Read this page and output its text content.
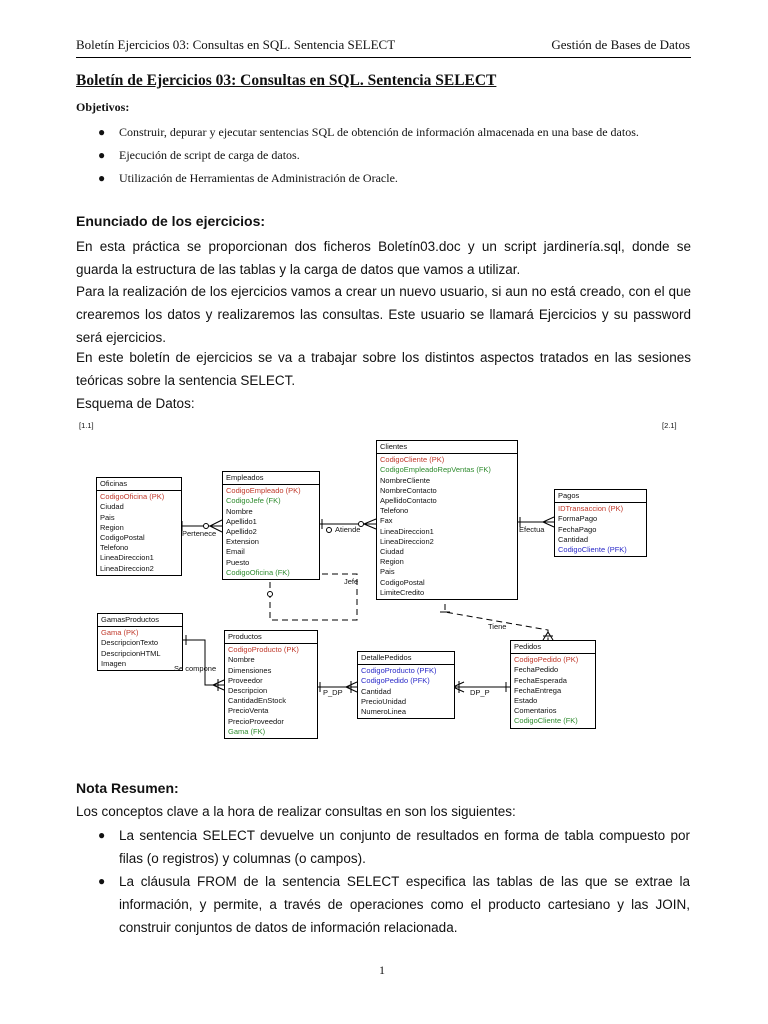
Boletín Ejercicios 03: Consultas en SQL. Sentencia SELECT	Gestión de Bases de Datos
Boletín de Ejercicios 03: Consultas en SQL. Sentencia SELECT
Objetivos:
● Construir, depurar y ejecutar sentencias SQL de obtención de información almacenada en una base de datos.
● Ejecución de script de carga de datos.
● Utilización de Herramientas de Administración de Oracle.
Enunciado de los ejercicios:
En esta práctica se proporcionan dos ficheros Boletín03.doc y un script jardinería.sql, donde se guarda la estructura de las tablas y la carga de datos que vamos a utilizar.
Para la realización de los ejercicios vamos a crear un nuevo usuario, si aun no está creado, con el que crearemos los datos y realizaremos las consultas. Este usuario se llamará Ejercicios y su password será ejercicios.
En este boletín de ejercicios se va a trabajar sobre los distintos aspectos tratados en las sesiones teóricas sobre la sentencia SELECT.
Esquema de Datos:
[1.1]	[2.1]
Oficinas
CodigoOficina (PK)
Ciudad
Pais
Region
CodigoPostal
Telefono
LineaDireccion1
LineaDireccion2
Empleados
CodigoEmpleado (PK)
CodigoJefe (FK)
Nombre
Apellido1
Apellido2
Extension
Email
Puesto
CodigoOficina (FK)
Clientes
CodigoCliente (PK)
CodigoEmpleadoRepVentas (FK)
NombreCliente
NombreContacto
ApellidoContacto
Telefono
Fax
LineaDireccion1
LineaDireccion2
Ciudad
Region
Pais
CodigoPostal
LimiteCredito
Pagos
IDTransaccion (PK)
FormaPago
FechaPago
Cantidad
CodigoCliente (PFK)
GamasProductos
Gama (PK)
DescripcionTexto
DescripcionHTML
Imagen
Productos
CodigoProducto (PK)
Nombre
Dimensiones
Proveedor
Descripcion
CantidadEnStock
PrecioVenta
PrecioProveedor
Gama (FK)
DetallePedidos
CodigoProducto (PFK)
CodigoPedido (PFK)
Cantidad
PrecioUnidad
NumeroLinea
Pedidos
CodigoPedido (PK)
FechaPedido
FechaEsperada
FechaEntrega
Estado
Comentarios
CodigoCliente (FK)
Pertenece	Atiende
Jefe
Efectua
Tiene
Se compone
P_DP	DP_P
Nota Resumen:
Los conceptos clave a la hora de realizar consultas en son los siguientes:
● La sentencia SELECT devuelve un conjunto de resultados en forma de tabla compuesto por filas (o registros) y columnas (o campos).
● La cláusula FROM de la sentencia SELECT especifica las tablas de las que se extrae la información, y permite, a través de operaciones como el producto cartesiano y las JOIN, construir conjuntos de datos de información relacionada.
1
